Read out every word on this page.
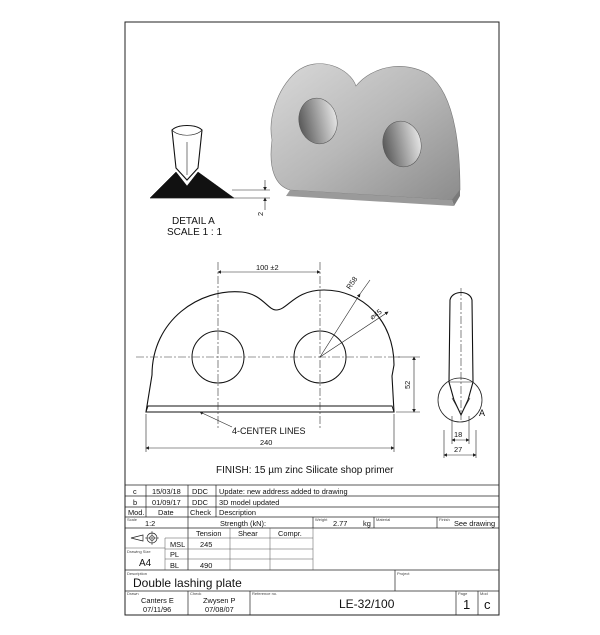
2
DETAIL A
SCALE 1 : 1
100 ±2
R58
⌀45
52
240
4-CENTER LINES
A
18
27
FINISH: 15 µm zinc Silicate shop primer
c 15/03/18 DDC Update: new address added to drawing
b 01/09/17 DDC 3D model updated
Mod. Date Check Description
Scale 1:2	Strength (kN):	Weight 2.77 kg Material	Finish See drawing
Tension Shear	Compr.
MSL 245
PL
BL	490
Drawing Size
A4
Description
Double lashing plate
Project
Drawn
Canters E
07/11/96
Check
Zwysen P
07/08/07
Reference no.
LE-32/100
Page
1
Mod
c
